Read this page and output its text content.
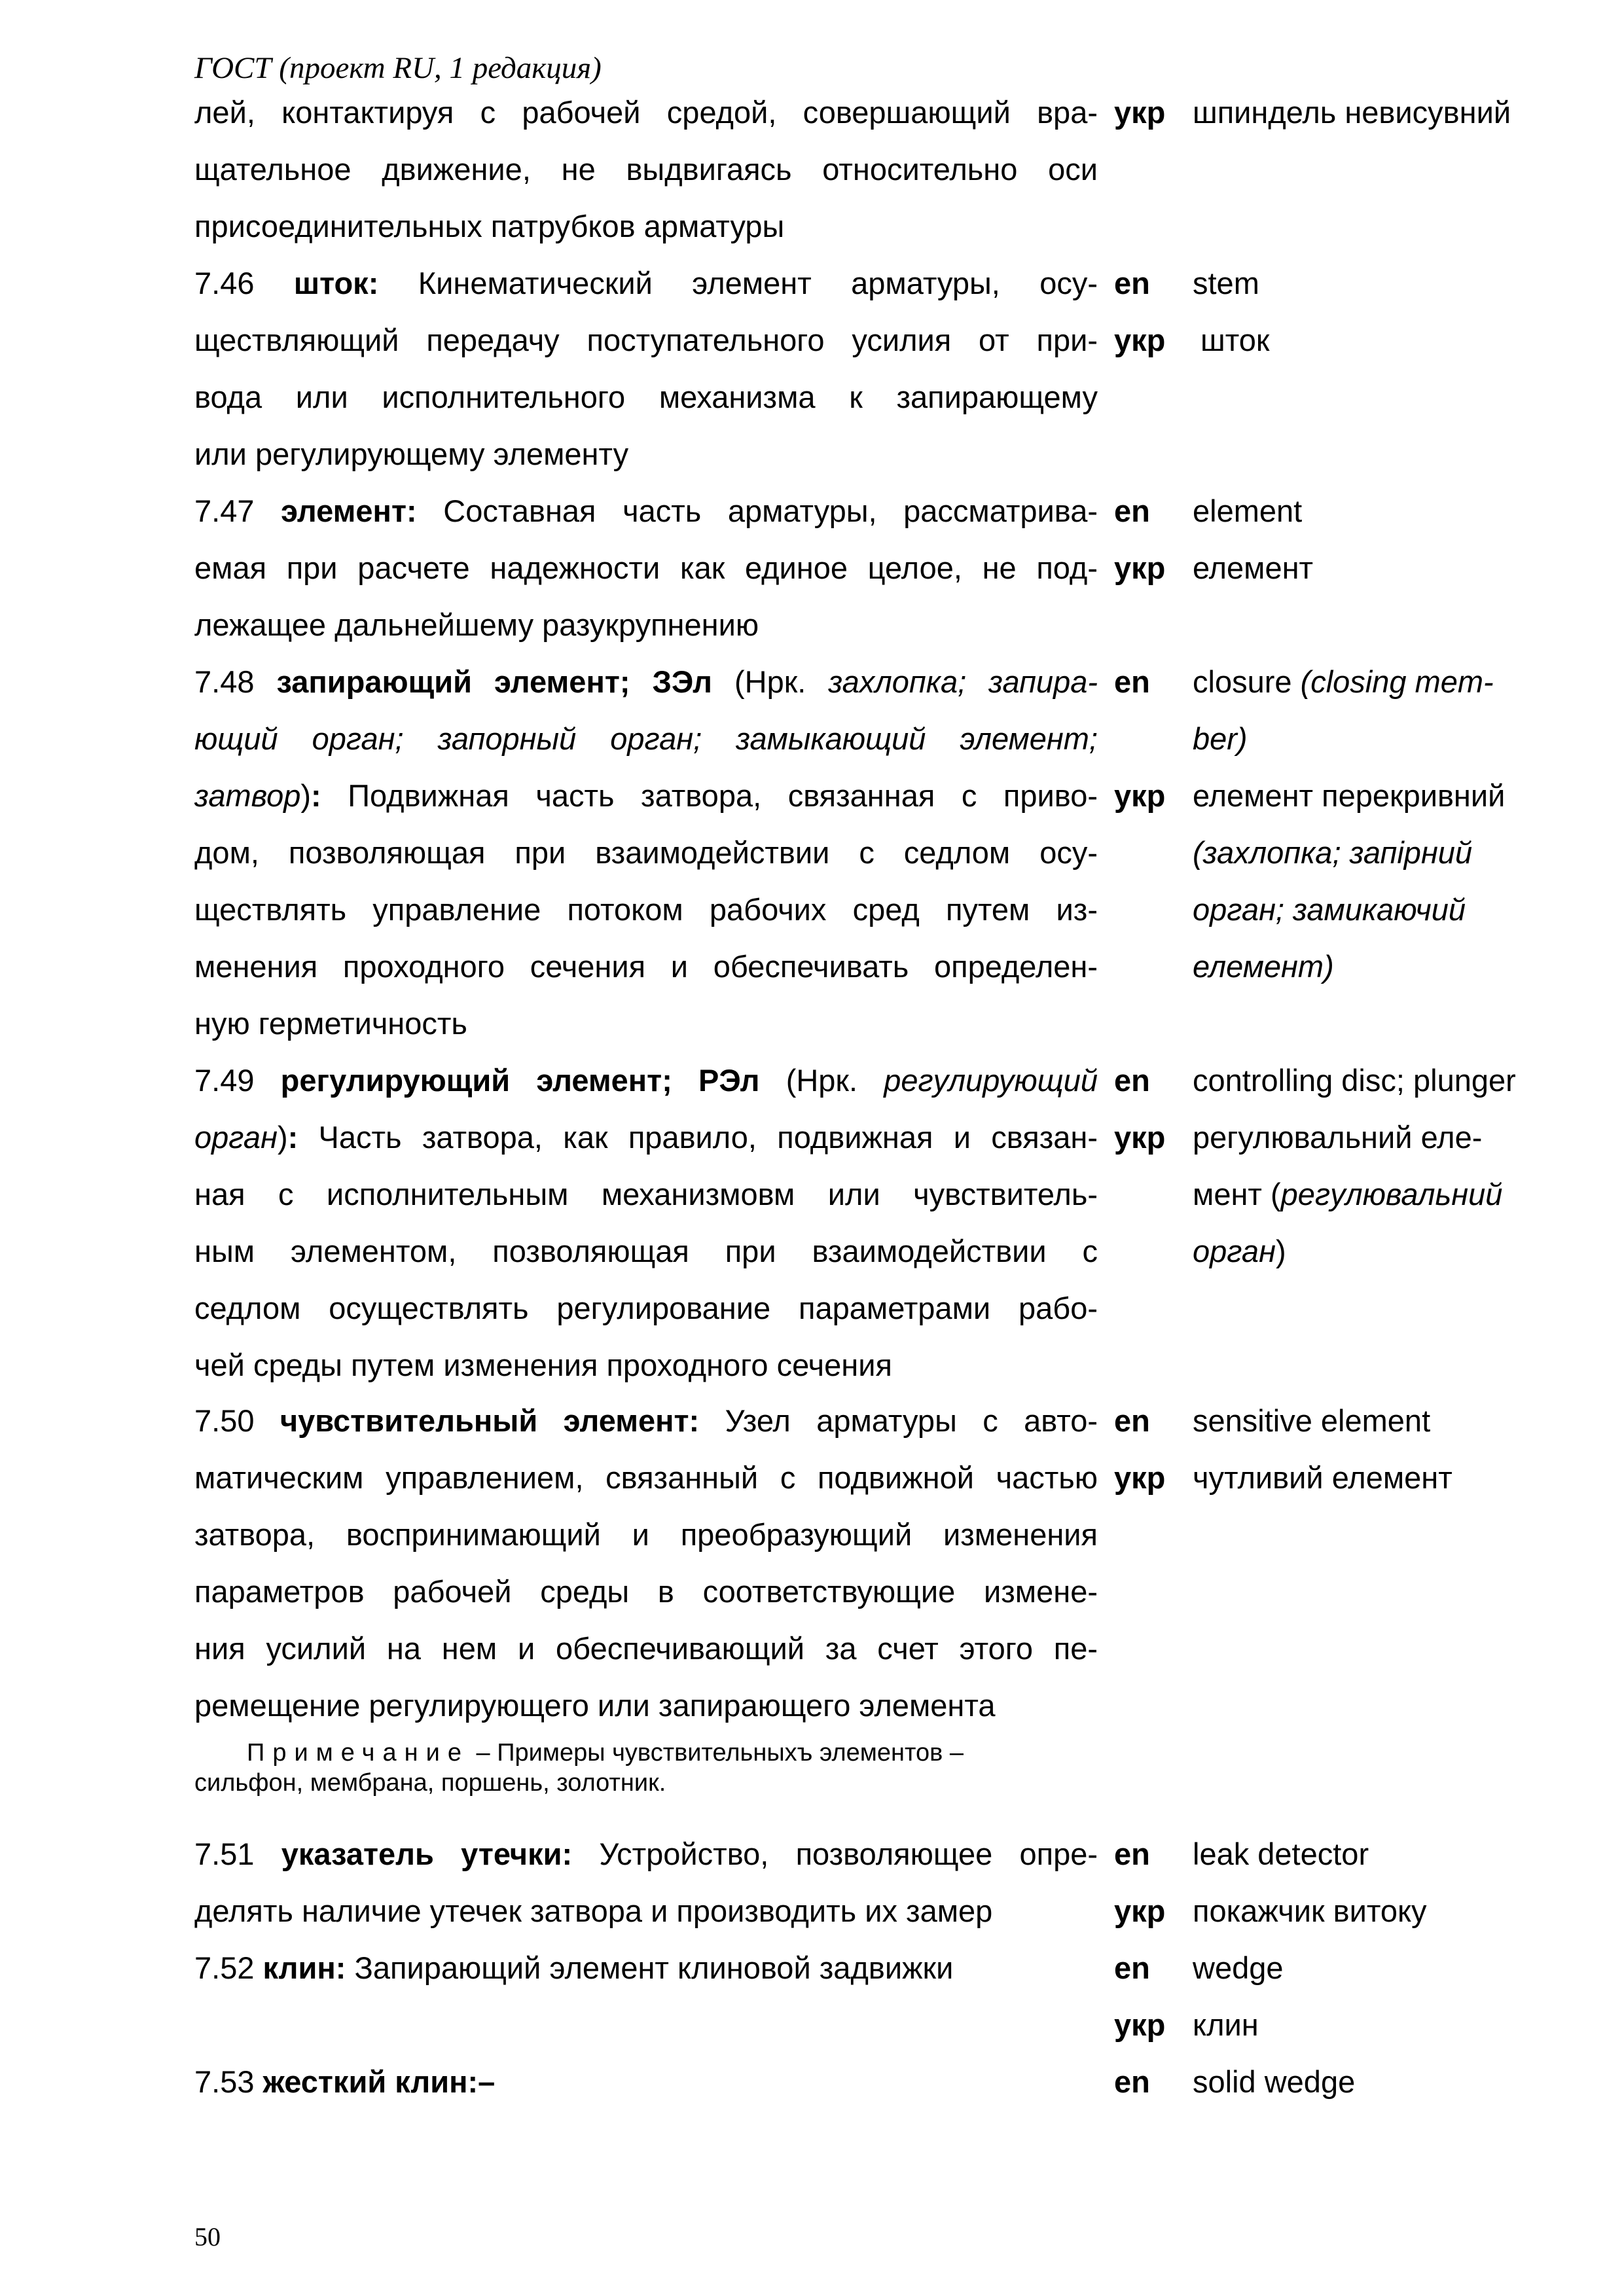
ГОСТ (проект RU, 1 редакция)
лей, контактируя с рабочей средой, совершающий вра-
щательное движение, не выдвигаясь относительно оси
присоединительных патрубков арматуры
укр шпиндель невисувний
7.46 шток: Кинематический элемент арматуры, осу-
ществляющий передачу поступательного усилия от при-
вода или исполнительного механизма к запирающему
или регулирующему элементу
en
укр
stem
шток
7.47 элемент: Составная часть арматуры, рассматрива-
емая при расчете надежности как единое целое, не под-
лежащее дальнейшему разукрупнению
en
укр
element
елемент
7.48 запирающий элемент; ЗЭл (Нрк. захлопка; запира-
ющий орган; запорный орган; замыкающий элемент;
затвор): Подвижная часть затвора, связанная с приво-
дом, позволяющая при взаимодействии с седлом осу-
ществлять управление потоком рабочих сред путем из-
менения проходного сечения и обеспечивать определен-
ную герметичность
en
укр
closure (closing mem-
ber)
елемент перекривний
(захлопка; запірний
орган; замикаючий
елемент)
7.49 регулирующий элемент; РЭл (Нрк. регулирующий
орган): Часть затвора, как правило, подвижная и связан-
ная с исполнительным механизмовм или чувствитель-
ным элементом, позволяющая при взаимодействии с
седлом осуществлять регулирование параметрами рабо-
чей среды путем изменения проходного сечения
en
укр
controlling disc; plunger
регулювальний еле-
мент (регулювальний
орган)
7.50 чувствительный элемент: Узел арматуры с авто-
матическим управлением, связанный с подвижной частью
затвора, воспринимающий и преобразующий изменения
параметров рабочей среды в соответствующие измене-
ния усилий на нем и обеспечивающий за счет этого пе-
ремещение регулирующего или запирающего элемента
en
укр
sensitive element
чутливий елемент
Примечание – Примеры чувствительныхъ элементов –
сильфон, мембрана, поршень, золотник.
7.51 указатель утечки: Устройство, позволяющее опре-
делять наличие утечек затвора и производить их замер
en
укр
leak detector
покажчик витоку
7.52 клин: Запирающий элемент клиновой задвижки	en
укр
wedge
клин
7.53 жесткий клин:–	en solid wedge
50
